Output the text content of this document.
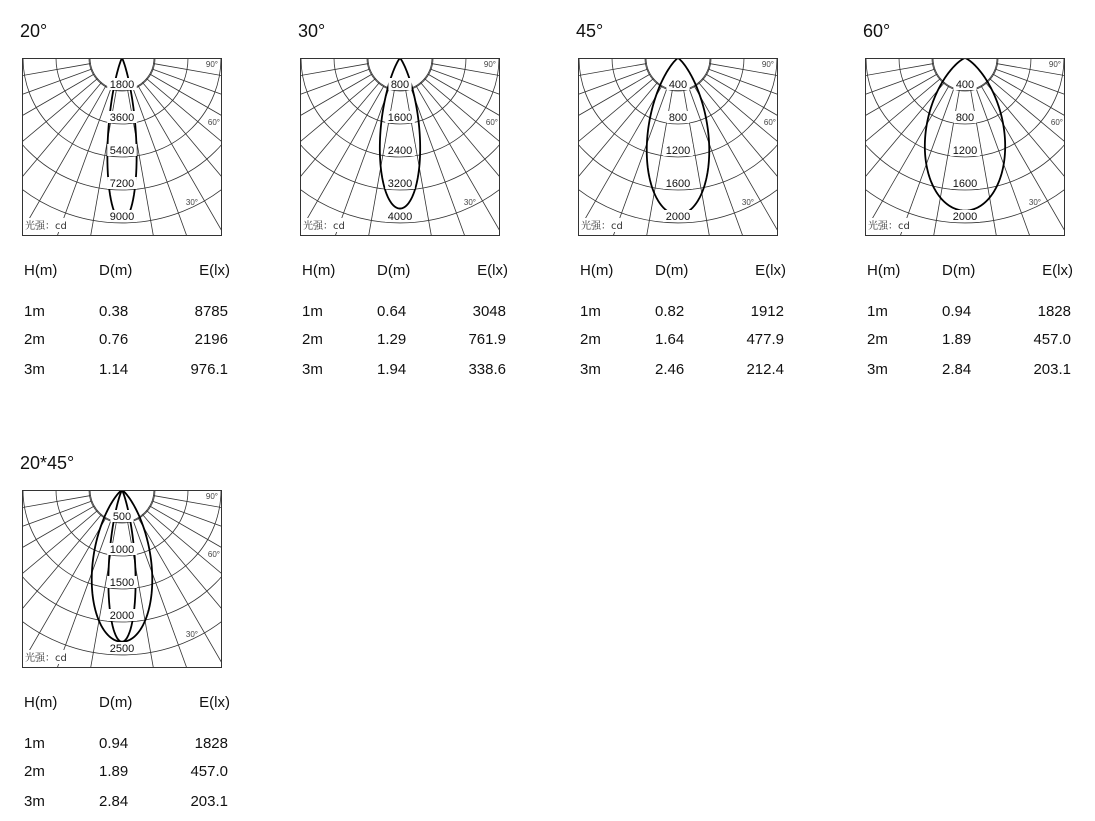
20°
1800
3600
5400
7200
9000
90°
60°
30°
光强：cd
H(m)	D(m)	E(lx)
1m	0.38	8785
2m	0.76	2196
3m	1.14	976.1
30°
800
1600
2400
3200
4000
90°
60°
30°
光强：cd
H(m)	D(m)	E(lx)
1m	0.64	3048
2m	1.29	761.9
3m	1.94	338.6
45°
400
800
1200
1600
2000
90°
60°
30°
光强：cd
H(m)	D(m)	E(lx)
1m	0.82	1912
2m	1.64	477.9
3m	2.46	212.4
60°
400
800
1200
1600
2000
90°
60°
30°
光强：cd
H(m)	D(m)	E(lx)
1m	0.94	1828
2m	1.89	457.0
3m	2.84	203.1
20*45°
500
1000
1500
2000
2500
90°
60°
30°
光强：cd
H(m)	D(m)	E(lx)
1m	0.94	1828
2m	1.89	457.0
3m	2.84	203.1
